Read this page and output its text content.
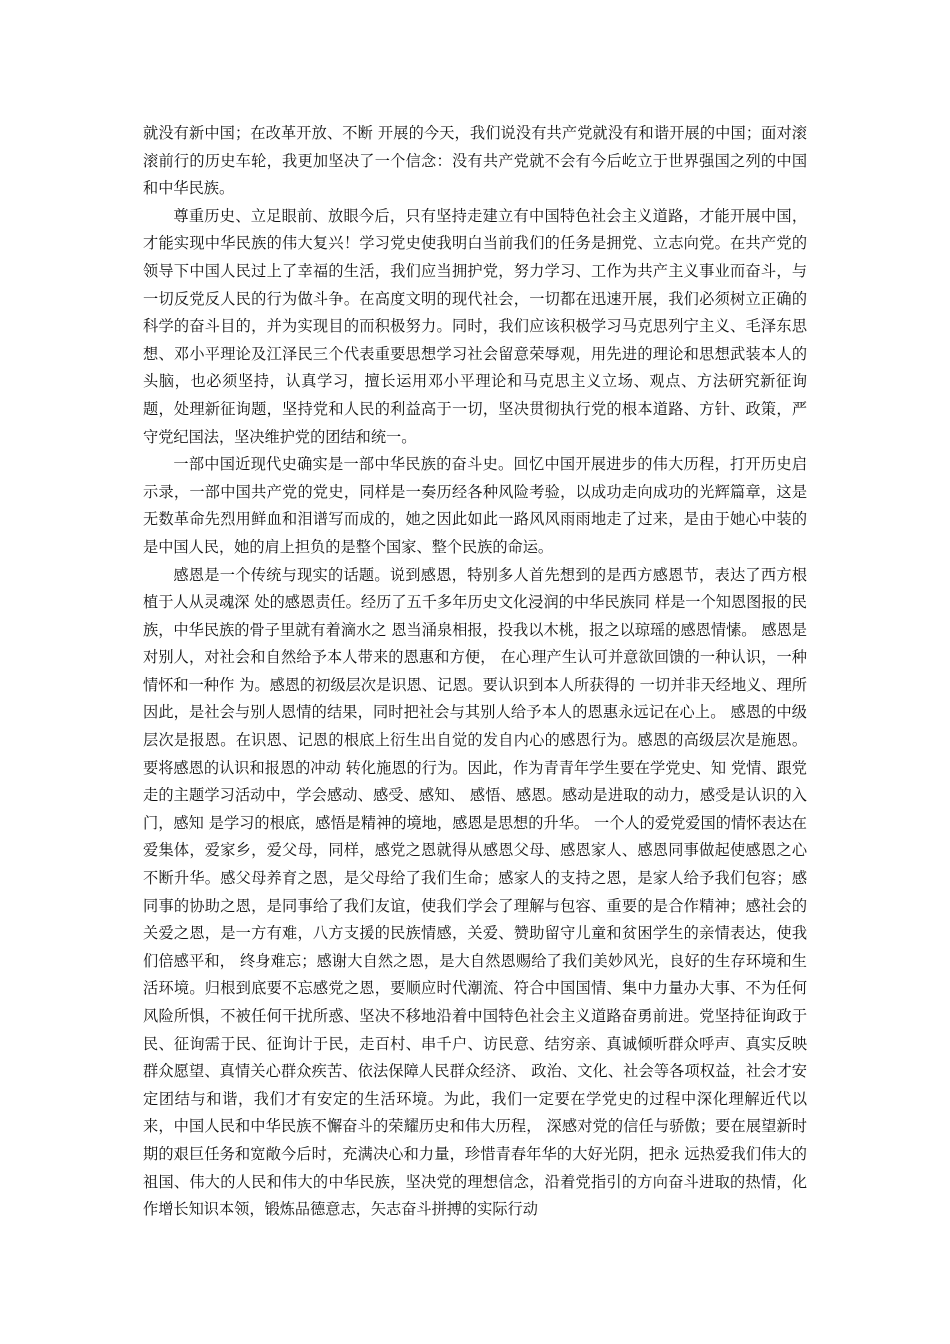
就没有新中国；在改革开放、不断 开展的今天，我们说没有共产党就没有和谐开展的中国；面对滚滚前行的历史车轮，我更加坚决了一个信念：没有共产党就不会有今后屹立于世界强国之列的中国和中华民族。

尊重历史、立足眼前、放眼今后，只有坚持走建立有中国特色社会主义道路，才能开展中国，才能实现中华民族的伟大复兴！学习党史使我明白当前我们的任务是拥党、立志向党。在共产党的领导下中国人民过上了幸福的生活，我们应当拥护党，努力学习、工作为共产主义事业而奋斗，与一切反党反人民的行为做斗争。在高度文明的现代社会，一切都在迅速开展，我们必须树立正确的科学的奋斗目的，并为实现目的而积极努力。同时，我们应该积极学习马克思列宁主义、毛泽东思想、邓小平理论及江泽民三个代表重要思想学习社会留意荣辱观，用先进的理论和思想武装本人的头脑，也必须坚持，认真学习，擅长运用邓小平理论和马克思主义立场、观点、方法研究新征询题，处理新征询题，坚持党和人民的利益高于一切，坚决贯彻执行党的根本道路、方针、政策，严守党纪国法，坚决维护党的团结和统一。

一部中国近现代史确实是一部中华民族的奋斗史。回忆中国开展进步的伟大历程，打开历史启示录，一部中国共产党的党史，同样是一奏历经各种风险考验，以成功走向成功的光辉篇章，这是无数革命先烈用鲜血和泪谱写而成的，她之因此如此一路风风雨雨地走了过来，是由于她心中装的是中国人民，她的肩上担负的是整个国家、整个民族的命运。

感恩是一个传统与现实的话题。说到感恩，特别多人首先想到的是西方感恩节，表达了西方根植于人从灵魂深 处的感恩责任。经历了五千多年历史文化浸润的中华民族同 样是一个知恩图报的民族，中华民族的骨子里就有着滴水之 恩当涌泉相报，投我以木桃，报之以琼瑶的感恩情愫。 感恩是对别人，对社会和自然给予本人带来的恩惠和方便， 在心理产生认可并意欲回馈的一种认识，一种情怀和一种作 为。感恩的初级层次是识恩、记恩。要认识到本人所获得的 一切并非天经地义、理所因此，是社会与别人恩情的结果，同时把社会与其别人给予本人的恩惠永远记在心上。 感恩的中级层次是报恩。在识恩、记恩的根底上衍生出自觉的发自内心的感恩行为。感恩的高级层次是施恩。要将感恩的认识和报恩的冲动 转化施恩的行为。因此，作为青青年学生要在学党史、知 党情、跟党走的主题学习活动中，学会感动、感受、感知、 感悟、感恩。感动是进取的动力，感受是认识的入门，感知 是学习的根底，感悟是精神的境地，感恩是思想的升华。 一个人的爱党爱国的情怀表达在爱集体，爱家乡，爱父母，同样，感党之恩就得从感恩父母、感恩家人、感恩同事做起使感恩之心不断升华。感父母养育之恩，是父母给了我们生命；感家人的支持之恩，是家人给予我们包容；感同事的协助之恩，是同事给了我们友谊，使我们学会了理解与包容、重要的是合作精神；感社会的关爱之恩，是一方有难，八方支援的民族情感，关爱、赞助留守儿童和贫困学生的亲情表达，使我们倍感平和， 终身难忘；感谢大自然之恩，是大自然恩赐给了我们美妙风光，良好的生存环境和生活环境。归根到底要不忘感党之恩，要顺应时代潮流、符合中国国情、集中力量办大事、不为任何风险所惧，不被任何干扰所惑、坚决不移地沿着中国特色社会主义道路奋勇前进。党坚持征询政于民、征询需于民、征询计于民，走百村、串千户、访民意、结穷亲、真诚倾听群众呼声、真实反映群众愿望、真情关心群众疾苦、依法保障人民群众经济、 政治、文化、社会等各项权益，社会才安定团结与和谐，我们才有安定的生活环境。为此，我们一定要在学党史的过程中深化理解近代以来，中国人民和中华民族不懈奋斗的荣耀历史和伟大历程， 深感对党的信任与骄傲；要在展望新时期的艰巨任务和宽敞今后时，充满决心和力量，珍惜青春年华的大好光阴，把永 远热爱我们伟大的祖国、伟大的人民和伟大的中华民族，坚决党的理想信念，沿着党指引的方向奋斗进取的热情，化作增长知识本领，锻炼品德意志，矢志奋斗拼搏的实际行动
